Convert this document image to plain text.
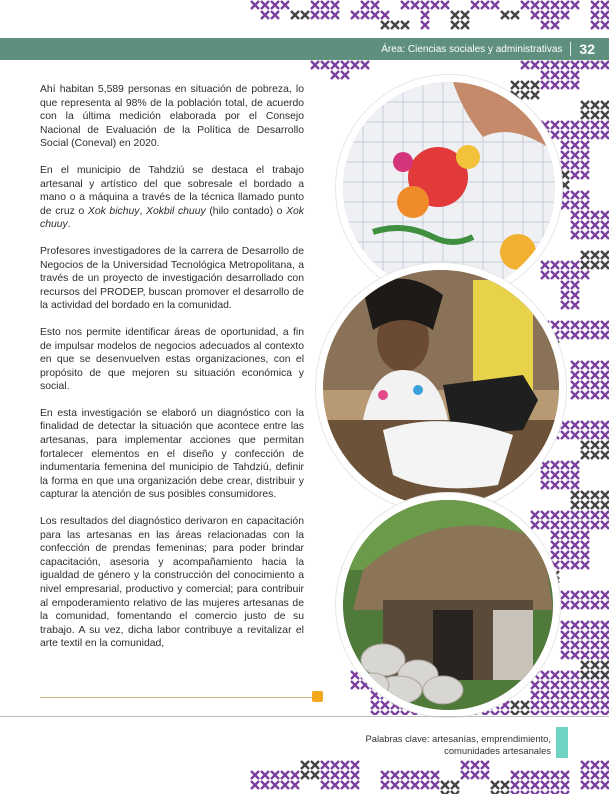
Área: Ciencias sociales y administrativas	32

Ahí habitan 5,589 personas en situación de pobreza, lo que representa al 98% de la población total, de acuerdo con la última medición elaborada por el Consejo Nacional de Evaluación de la Política de Desarrollo Social (Coneval) en 2020.

En el municipio de Tahdziú se destaca el trabajo artesanal y artístico del que sobresale el bordado a mano o a máquina a través de la técnica llamado punto de cruz o Xok bichuy, Xokbil chuuy (hilo contado) o Xok chuuy.

Profesores investigadores de la carrera de Desarrollo de Negocios de la Universidad Tecnológica Metropolitana, a través de un proyecto de investigación desarrollado con recursos del PRODEP, buscan promover el desarrollo de la actividad del bordado en la comunidad.

Esto nos permite identificar áreas de oportunidad, a fin de impulsar modelos de negocios adecuados al contexto en que se desenvuelven estas organizaciones, con el propósito de que mejoren su situación económica y social.

En esta investigación se elaboró un diagnóstico con la finalidad de detectar la situación que acontece entre las artesanas, para implementar acciones que permitan fortalecer elementos en el diseño y confección de indumentaria femenina del municipio de Tahdziú, definir la forma en que una organización debe crear, distribuir y capturar la atención de sus posibles consumidores.

Los resultados del diagnóstico derivaron en capacitación para las artesanas en las áreas relacionadas con la confección de prendas femeninas; para poder brindar capacitación, asesoria y acompañamiento hacia la igualdad de género y la construcción del conocimiento a nivel empresarial, productivo y comercial; para contribuir al empoderamiento relativo de las mujeres artesanas de la comunidad, fomentando el comercio justo de su trabajo. A su vez, dicha labor contribuye a revitalizar el arte textil en la comunidad,

Palabras clave: artesanías, emprendimiento,
comunidades artesanales
